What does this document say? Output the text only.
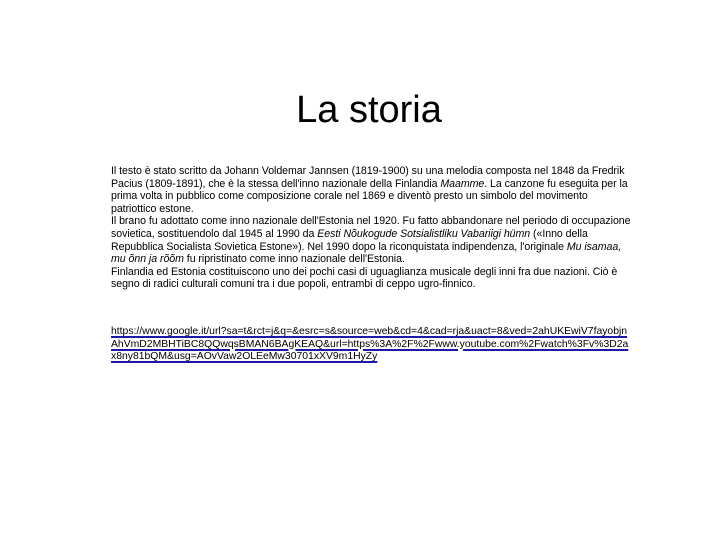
La storia

Il testo è stato scritto da Johann Voldemar Jannsen (1819-1900) su una melodia composta nel 1848 da Fredrik Pacius (1809-1891), che è la stessa dell'inno nazionale della Finlandia Maamme. La canzone fu eseguita per la prima volta in pubblico come composizione corale nel 1869 e diventò presto un simbolo del movimento patriottico estone.

Il brano fu adottato come inno nazionale dell'Estonia nel 1920. Fu fatto abbandonare nel periodo di occupazione sovietica, sostituendolo dal 1945 al 1990 da Eesti Nõukogude Sotsialistliku Vabariigi hümn («Inno della Repubblica Socialista Sovietica Estone»). Nel 1990 dopo la riconquistata indipendenza, l'originale Mu isamaa, mu õnn ja rõõm fu ripristinato come inno nazionale dell'Estonia.

Finlandia ed Estonia costituiscono uno dei pochi casi di uguaglianza musicale degli inni fra due nazioni. Ciò è segno di radici culturali comuni tra i due popoli, entrambi di ceppo ugro-finnico.

https://www.google.it/url?sa=t&rct=j&q=&esrc=s&source=web&cd=4&cad=rja&uact=8&ved=2ahUKEwiV7fayobjnAhVmD2MBHTiBC8QQwqsBMAN6BAgKEAQ&url=https%3A%2F%2Fwww.youtube.com%2Fwatch%3Fv%3D2ax8ny81bQM&usg=AOvVaw2OLEeMw30701xXV9m1HyZy
